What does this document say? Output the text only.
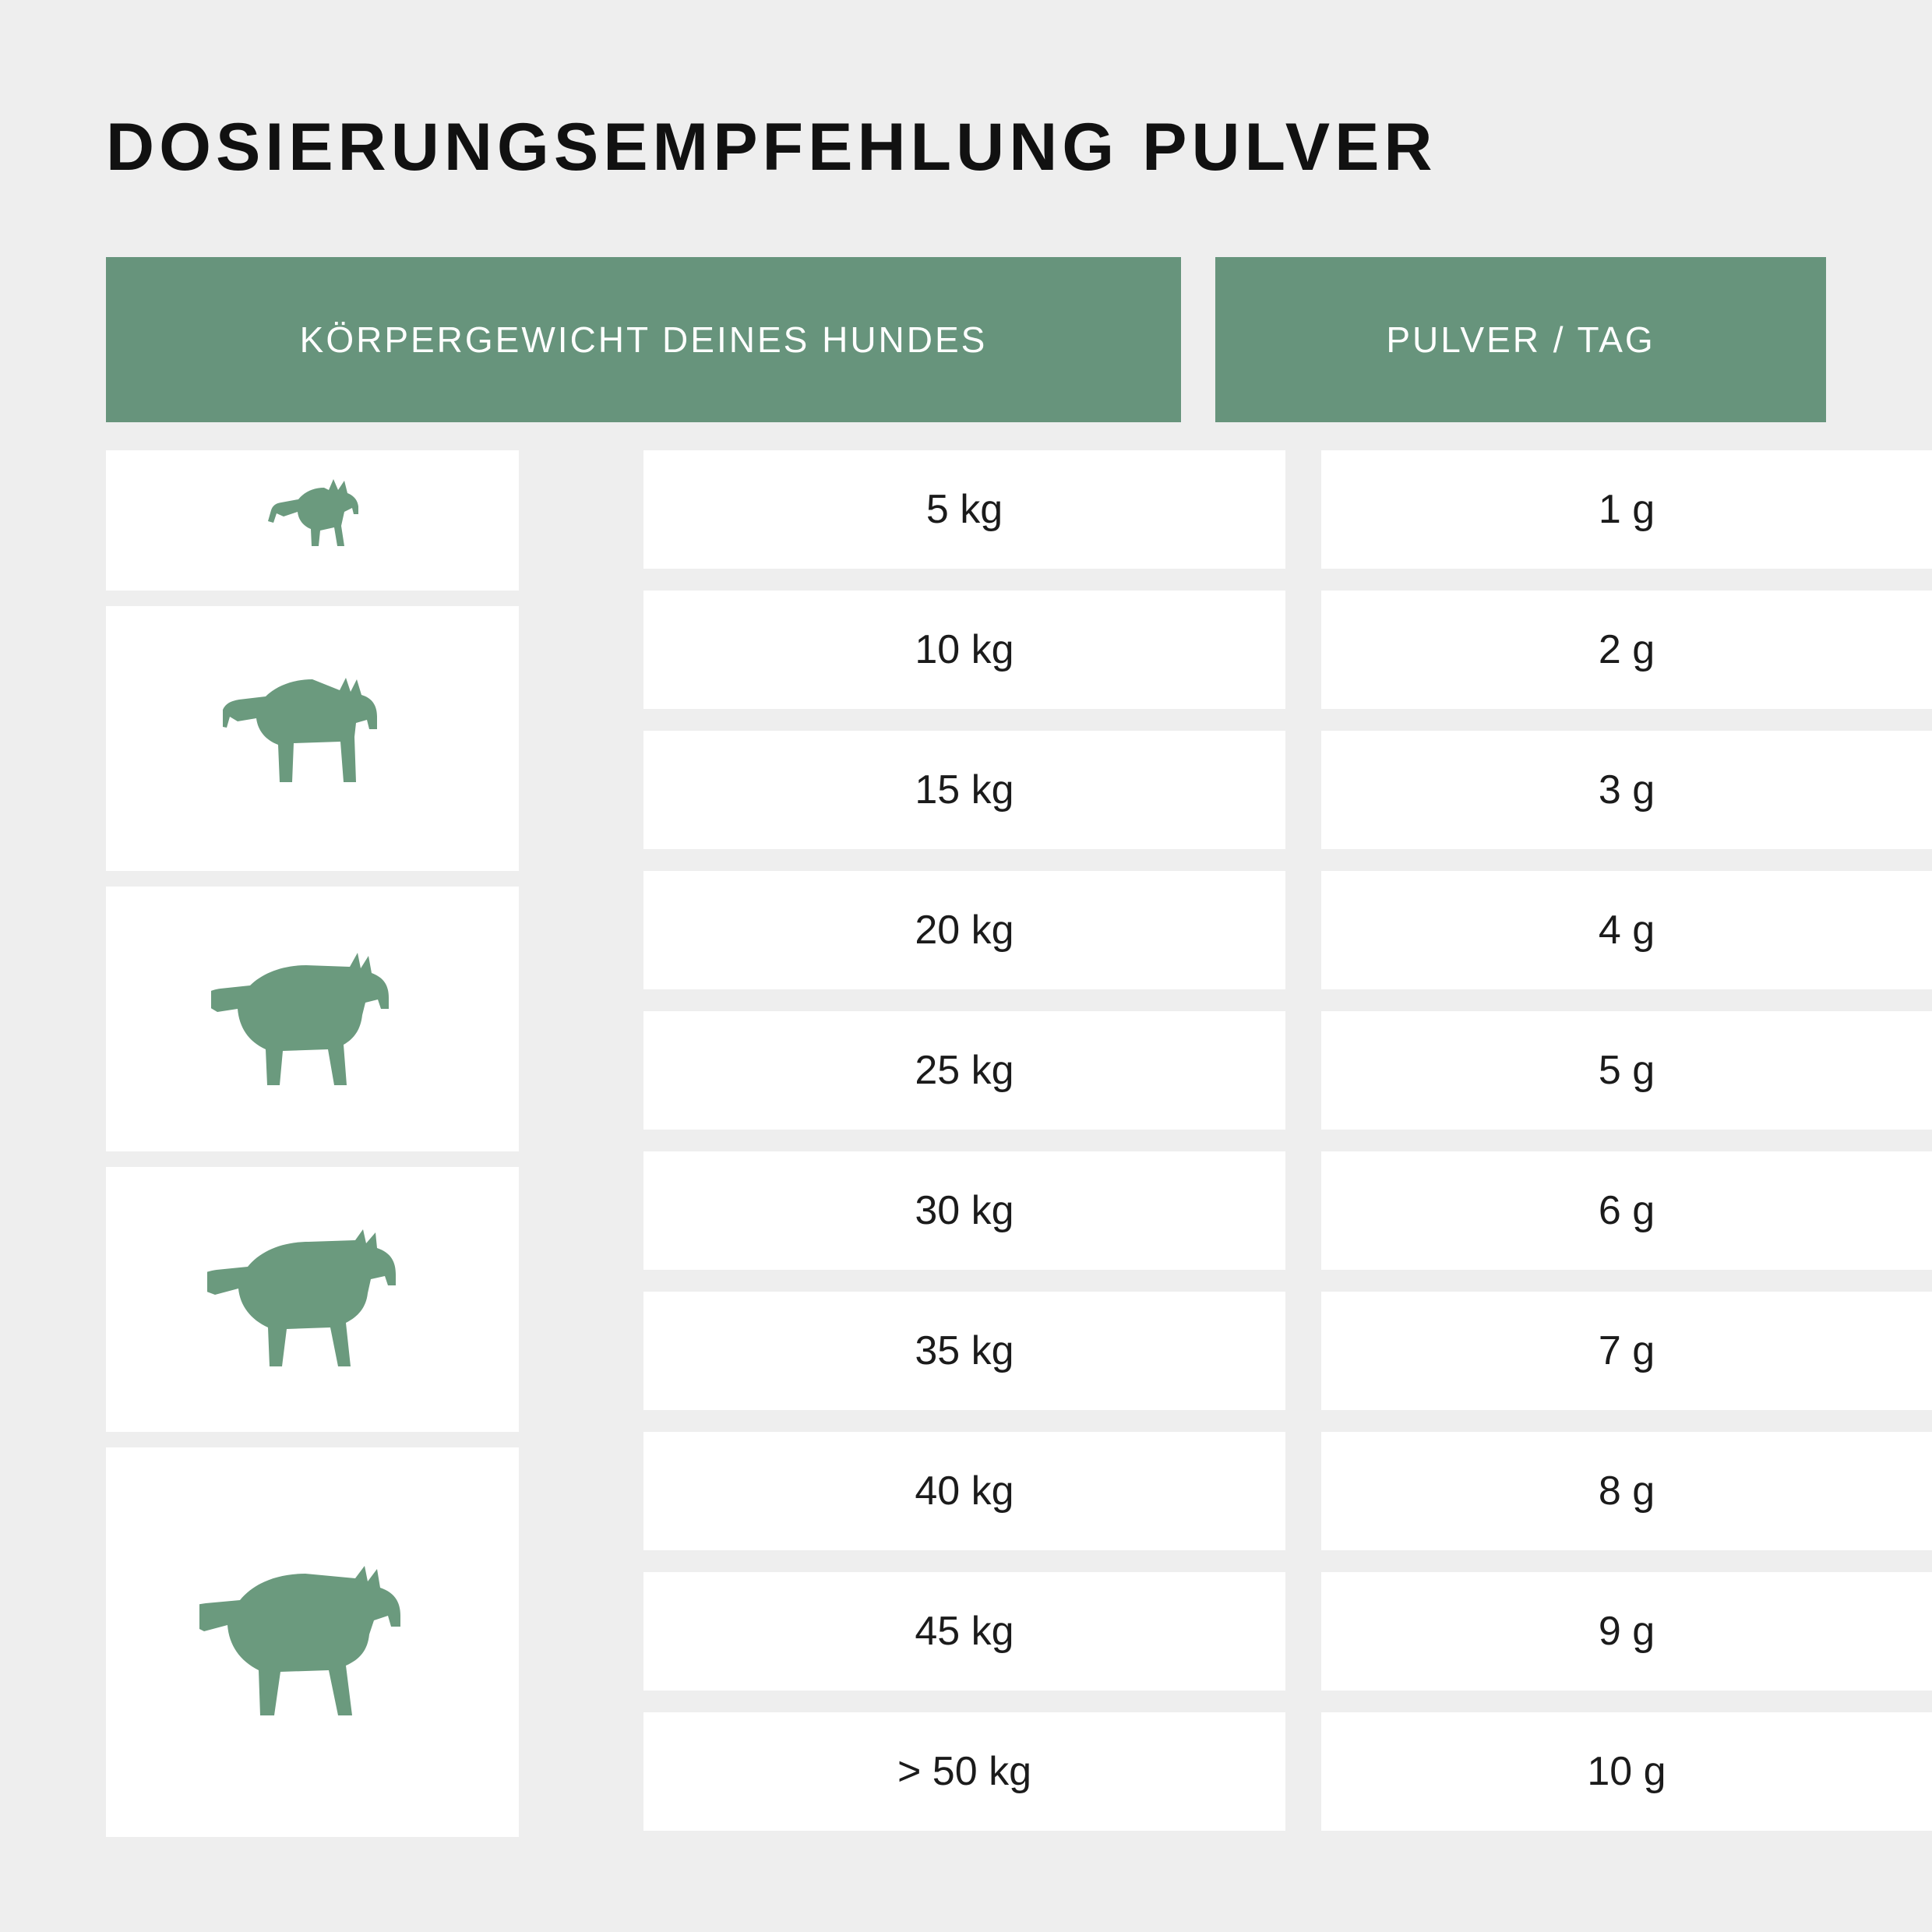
DOSIERUNGSEMPFEHLUNG PULVER
KÖRPERGEWICHT DEINES HUNDES	PULVER / TAG
5 kg	1 g
10 kg	2 g
15 kg	3 g
20 kg	4 g
25 kg	5 g
30 kg	6 g
35 kg	7 g
40 kg	8 g
45 kg	9 g
> 50 kg	10 g
